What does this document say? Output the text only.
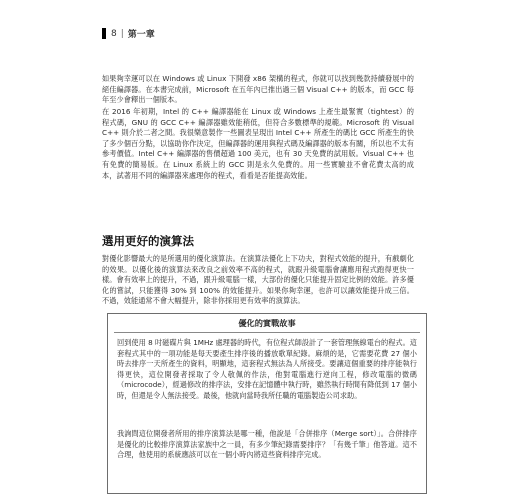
8 | 第一章

如果夠幸運可以在 Windows 或 Linux 下開發 x86 架構的程式，你就可以找到幾款持續發展中的絕佳編譯器。在本書完成前，Microsoft 在五年內已推出過三個 Visual C++ 的版本，而 GCC 每年至少會釋出一個版本。

在 2016 年初期，Intel 的 C++ 編譯器能在 Linux 或 Windows 上產生最緊實（tightest）的程式碼，GNU 的 GCC C++ 編譯器雖效能稍低，但符合多數標準的規範。Microsoft 的 Visual C++ 則介於二者之間。我很樂意製作一些圖表呈現出 Intel C++ 所產生的碼比 GCC 所產生的快了多少個百分點，以協助你作決定，但編譯器的運用與程式碼及編譯器的版本有關，所以也不太有參考價值。Intel C++ 編譯器的售價超過 100 美元，也有 30 天免費的試用版。Visual C++ 也有免費的簡易版。在 Linux 系統上的 GCC 則是永久免費的。用一些實驗並不會花費太高的成本，試著用不同的編譯器來處理你的程式，看看是否能提高效能。

選用更好的演算法

對優化影響最大的是所選用的優化演算法。在演算法優化上下功夫，對程式效能的提升，有戲劇化的效果。以優化後的演算法來改良之前效率不高的程式，就跟升級電腦會讓應用程式跑得更快一樣。會有效率上的提升，不過，跟升級電腦一樣，大部份的優化只能提升固定比例的效能。許多優化的嘗試，只能獲得 30% 到 100% 的效能提升。如果你夠幸運，也許可以讓效能提升成三倍。不過，效能通常不會大幅提升，除非你採用更有效率的演算法。

優化的實戰故事

回到使用 8 吋磁碟片與 1MHz 處理器的時代，有位程式師設計了一套管理無線電台的程式。這套程式其中的一項功能是每天要產生排序後的播放歌單紀錄。麻煩的是，它需要花費 27 個小時去排序一天所產生的資料，明顯地，這套程式無法為人所接受。要讓這個重要的排序能執行得更快，這位開發者採取了令人敬佩的作法，他對電腦進行逆向工程，修改電腦的微碼（microcode），經過修改的排序法，安排在記憶體中執行時，雖然執行時間有降低到 17 個小時，但還是令人無法接受。最後，他就向當時我所任職的電腦製造公司求助。

我詢問這位開發者所用的排序演算法是哪一種，他說是「合併排序（Merge sort）」。合併排序是優化的比較排序演算法家族中之一員，有多少筆紀錄需要排序？「有幾千筆」他答道。這不合理，他使用的系統應該可以在一個小時內將這些資料排序完成。
